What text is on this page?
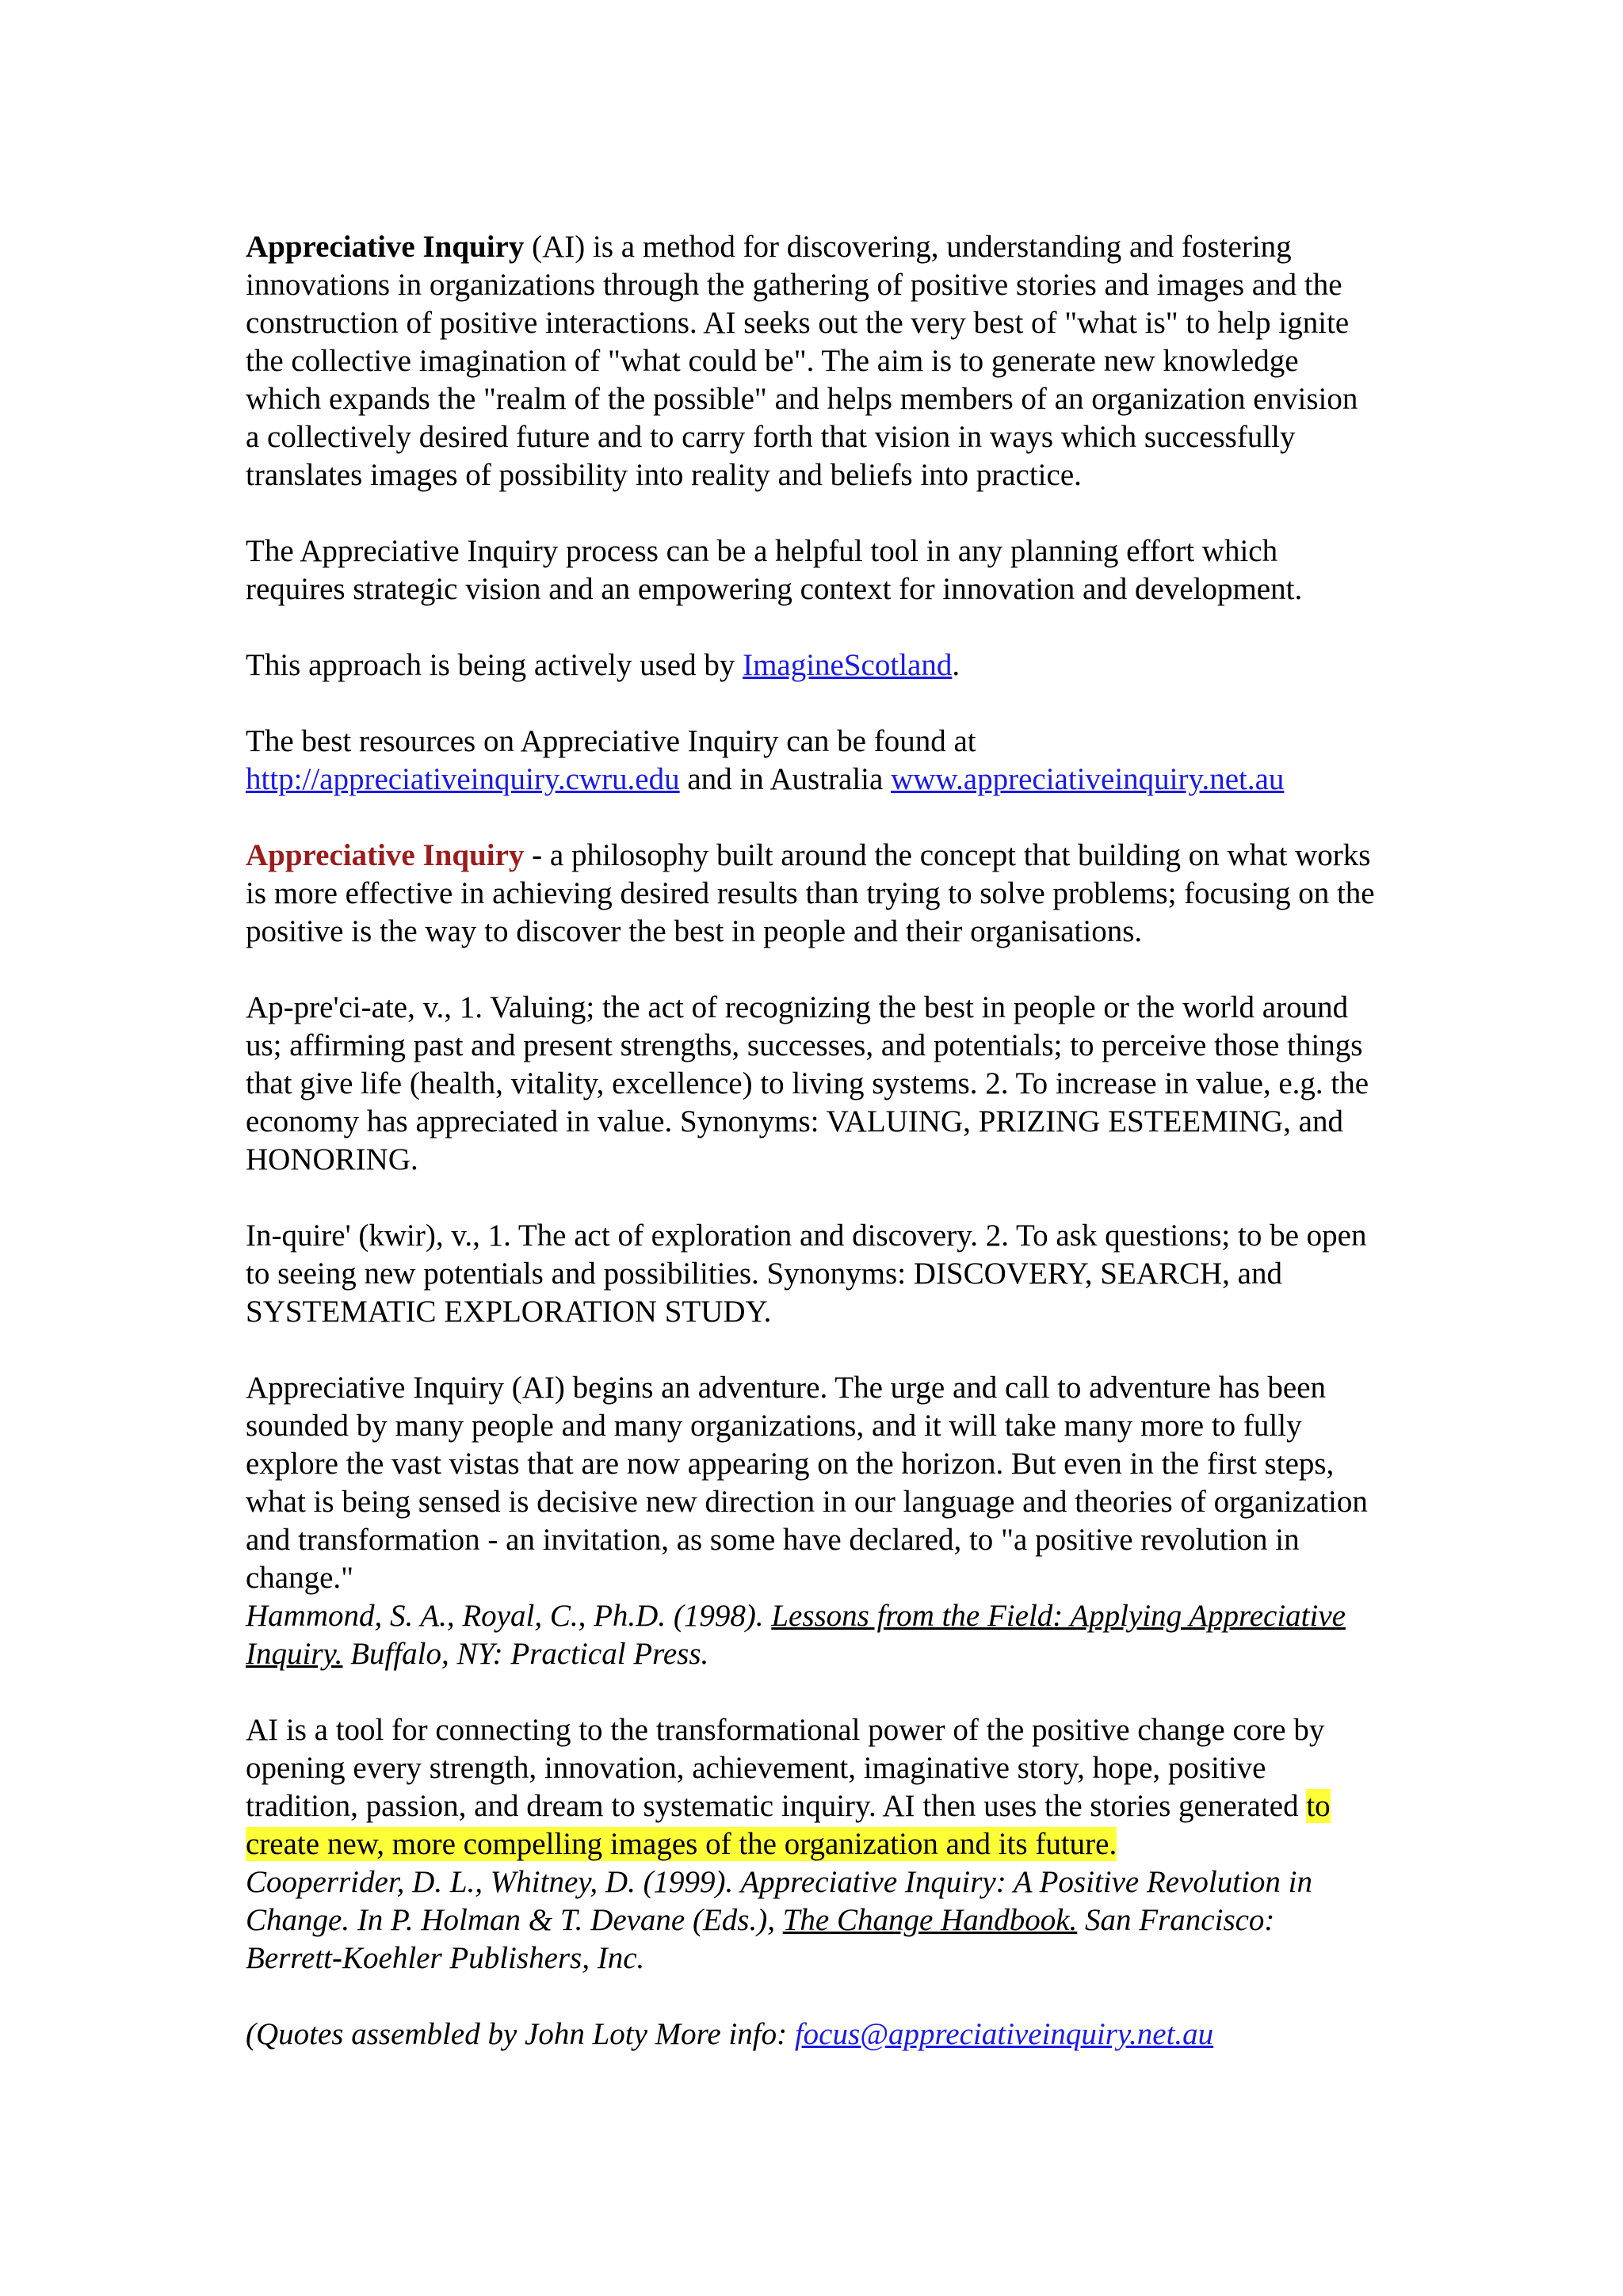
Appreciative Inquiry (AI) is a method for discovering, understanding and fostering innovations in organizations through the gathering of positive stories and images and the construction of positive interactions. AI seeks out the very best of "what is" to help ignite the collective imagination of "what could be". The aim is to generate new knowledge which expands the "realm of the possible" and helps members of an organization envision a collectively desired future and to carry forth that vision in ways which successfully translates images of possibility into reality and beliefs into practice.

The Appreciative Inquiry process can be a helpful tool in any planning effort which requires strategic vision and an empowering context for innovation and development.

This approach is being actively used by ImagineScotland.

The best resources on Appreciative Inquiry can be found at http://appreciativeinquiry.cwru.edu and in Australia www.appreciativeinquiry.net.au

Appreciative Inquiry - a philosophy built around the concept that building on what works is more effective in achieving desired results than trying to solve problems; focusing on the positive is the way to discover the best in people and their organisations.

Ap-pre'ci-ate, v., 1. Valuing; the act of recognizing the best in people or the world around us; affirming past and present strengths, successes, and potentials; to perceive those things that give life (health, vitality, excellence) to living systems. 2. To increase in value, e.g. the economy has appreciated in value. Synonyms: VALUING, PRIZING ESTEEMING, and HONORING.

In-quire' (kwir), v., 1. The act of exploration and discovery. 2. To ask questions; to be open to seeing new potentials and possibilities. Synonyms: DISCOVERY, SEARCH, and SYSTEMATIC EXPLORATION STUDY.

Appreciative Inquiry (AI) begins an adventure. The urge and call to adventure has been sounded by many people and many organizations, and it will take many more to fully explore the vast vistas that are now appearing on the horizon. But even in the first steps, what is being sensed is decisive new direction in our language and theories of organization and transformation - an invitation, as some have declared, to "a positive revolution in change."

Hammond, S. A., Royal, C., Ph.D. (1998). Lessons from the Field: Applying Appreciative Inquiry. Buffalo, NY: Practical Press.

AI is a tool for connecting to the transformational power of the positive change core by opening every strength, innovation, achievement, imaginative story, hope, positive tradition, passion, and dream to systematic inquiry. AI then uses the stories generated to create new, more compelling images of the organization and its future.

Cooperrider, D. L., Whitney, D. (1999). Appreciative Inquiry: A Positive Revolution in Change. In P. Holman & T. Devane (Eds.), The Change Handbook. San Francisco: Berrett-Koehler Publishers, Inc.

(Quotes assembled by John Loty More info: focus@appreciativeinquiry.net.au
